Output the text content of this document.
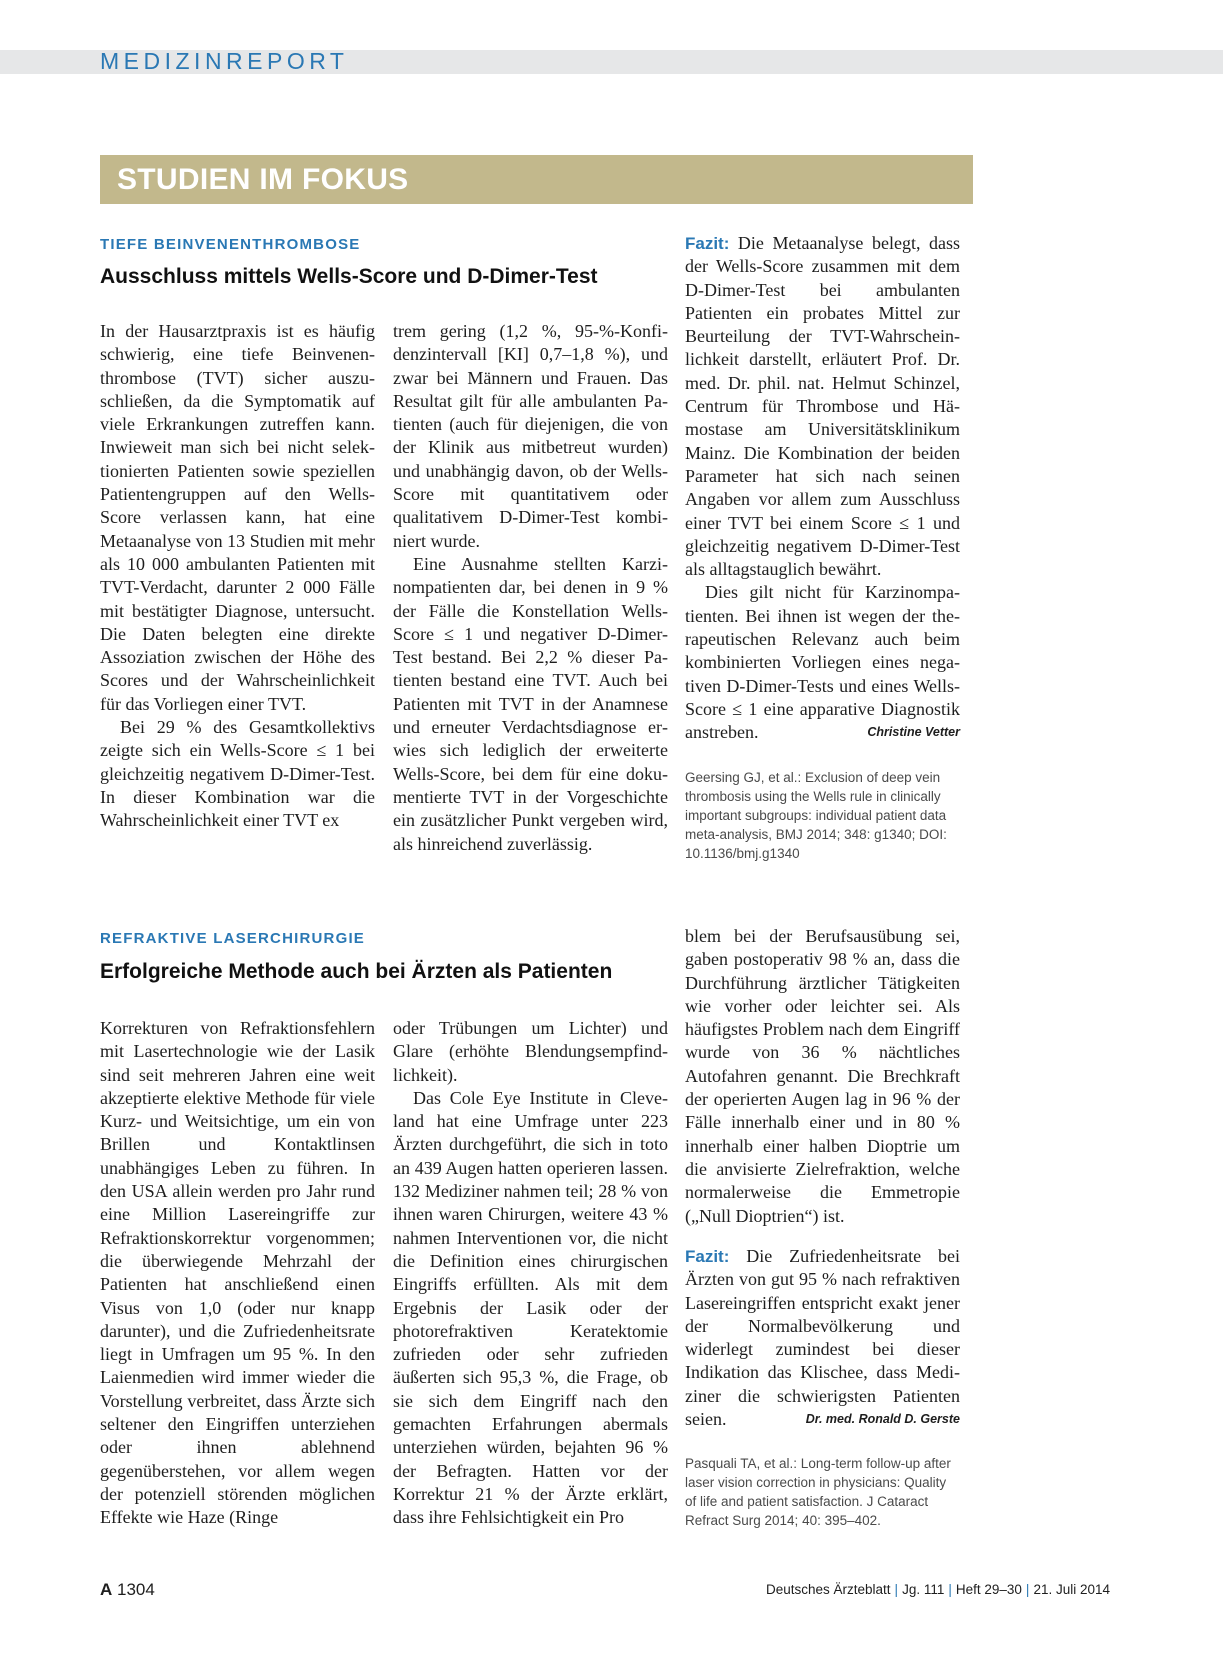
MEDIZINREPORT
STUDIEN IM FOKUS
TIEFE BEINVENENTHROMBOSE
Ausschluss mittels Wells-Score und D-Dimer-Test

In der Hausarztpraxis ist es häufig schwierig, eine tiefe Beinvenenthrombose (TVT) sicher auszuschließen, da die Symptomatik auf viele Erkrankungen zutreffen kann. Inwieweit man sich bei nicht selektionierten Patienten sowie speziellen Patientengruppen auf den Wells-Score verlassen kann, hat eine Metaanalyse von 13 Studien mit mehr als 10 000 ambulanten Patienten mit TVT-Verdacht, darunter 2 000 Fälle mit bestätigter Diagnose, untersucht. Die Daten belegten eine direkte Assoziation zwischen der Höhe des Scores und der Wahrscheinlichkeit für das Vorliegen einer TVT.

Bei 29 % des Gesamtkollektivs zeigte sich ein Wells-Score ≤ 1 bei gleichzeitig negativem D-Dimer-Test. In dieser Kombination war die Wahrscheinlichkeit einer TVT ex

trem gering (1,2 %, 95-%-Konfidenzintervall [KI] 0,7–1,8 %), und zwar bei Männern und Frauen. Das Resultat gilt für alle ambulanten Patienten (auch für diejenigen, die von der Klinik aus mitbetreut wurden) und unabhängig davon, ob der Wells-Score mit quantitativem oder qualitativem D-Dimer-Test kombiniert wurde.

Eine Ausnahme stellten Karzinompatienten dar, bei denen in 9 % der Fälle die Konstellation Wells-Score ≤ 1 und negativer D-Dimer-Test bestand. Bei 2,2 % dieser Patienten bestand eine TVT. Auch bei Patienten mit TVT in der Anamnese und erneuter Verdachtsdiagnose erwies sich lediglich der erweiterte Wells-Score, bei dem für eine dokumentierte TVT in der Vorgeschichte ein zusätzlicher Punkt vergeben wird, als hinreichend zuverlässig.

Fazit: Die Metaanalyse belegt, dass der Wells-Score zusammen mit dem D-Dimer-Test bei ambulanten Patienten ein probates Mittel zur Beurteilung der TVT-Wahrscheinlichkeit darstellt, erläutert Prof. Dr. med. Dr. phil. nat. Helmut Schinzel, Centrum für Thrombose und Hämostase am Universitätsklinikum Mainz. Die Kombination der beiden Parameter hat sich nach seinen Angaben vor allem zum Ausschluss einer TVT bei einem Score ≤ 1 und gleichzeitig negativem D-Dimer-Test als alltagstauglich bewährt.

Dies gilt nicht für Karzinompatienten. Bei ihnen ist wegen der therapeutischen Relevanz auch beim kombinierten Vorliegen eines negativen D-Dimer-Tests und eines Wells-Score ≤ 1 eine apparative Diagnostik anstreben.	Christine Vetter

Geersing GJ, et al.: Exclusion of deep vein thrombosis using the Wells rule in clinically important subgroups: individual patient data meta-analysis, BMJ 2014; 348: g1340; DOI: 10.1136/bmj.g1340
REFRAKTIVE LASERCHIRURGIE
Erfolgreiche Methode auch bei Ärzten als Patienten

Korrekturen von Refraktionsfehlern mit Lasertechnologie wie der Lasik sind seit mehreren Jahren eine weit akzeptierte elektive Methode für viele Kurz- und Weitsichtige, um ein von Brillen und Kontaktlinsen unabhängiges Leben zu führen. In den USA allein werden pro Jahr rund eine Million Lasereingriffe zur Refraktionskorrektur vorgenommen; die überwiegende Mehrzahl der Patienten hat anschließend einen Visus von 1,0 (oder nur knapp darunter), und die Zufriedenheitsrate liegt in Umfragen um 95 %. In den Laienmedien wird immer wieder die Vorstellung verbreitet, dass Ärzte sich seltener den Eingriffen unterziehen oder ihnen ablehnend gegenüberstehen, vor allem wegen der potenziell störenden möglichen Effekte wie Haze (Ringe

oder Trübungen um Lichter) und Glare (erhöhte Blendungsempfindlichkeit).

Das Cole Eye Institute in Cleveland hat eine Umfrage unter 223 Ärzten durchgeführt, die sich in toto an 439 Augen hatten operieren lassen. 132 Mediziner nahmen teil; 28 % von ihnen waren Chirurgen, weitere 43 % nahmen Interventionen vor, die nicht die Definition eines chirurgischen Eingriffs erfüllten. Als mit dem Ergebnis der Lasik oder der photorefraktiven Keratektomie zufrieden oder sehr zufrieden äußerten sich 95,3 %, die Frage, ob sie sich dem Eingriff nach den gemachten Erfahrungen abermals unterziehen würden, bejahten 96 % der Befragten. Hatten vor der Korrektur 21 % der Ärzte erklärt, dass ihre Fehlsichtigkeit ein Pro

blem bei der Berufsausübung sei, gaben postoperativ 98 % an, dass die Durchführung ärztlicher Tätigkeiten wie vorher oder leichter sei. Als häufigstes Problem nach dem Eingriff wurde von 36 % nächtliches Autofahren genannt. Die Brechkraft der operierten Augen lag in 96 % der Fälle innerhalb einer und in 80 % innerhalb einer halben Dioptrie um die anvisierte Zielrefraktion, welche normalerweise die Emmetropie („Null Dioptrien“) ist.

Fazit: Die Zufriedenheitsrate bei Ärzten von gut 95 % nach refraktiven Lasereingriffen entspricht exakt jener der Normalbevölkerung und widerlegt zumindest bei dieser Indikation das Klischee, dass Mediziner die schwierigsten Patienten seien.	Dr. med. Ronald D. Gerste

Pasquali TA, et al.: Long-term follow-up after laser vision correction in physicians: Quality of life and patient satisfaction. J Cataract Refract Surg 2014; 40: 395–402.
A 1304	Deutsches Ärzteblatt | Jg. 111 | Heft 29–30 | 21. Juli 2014
